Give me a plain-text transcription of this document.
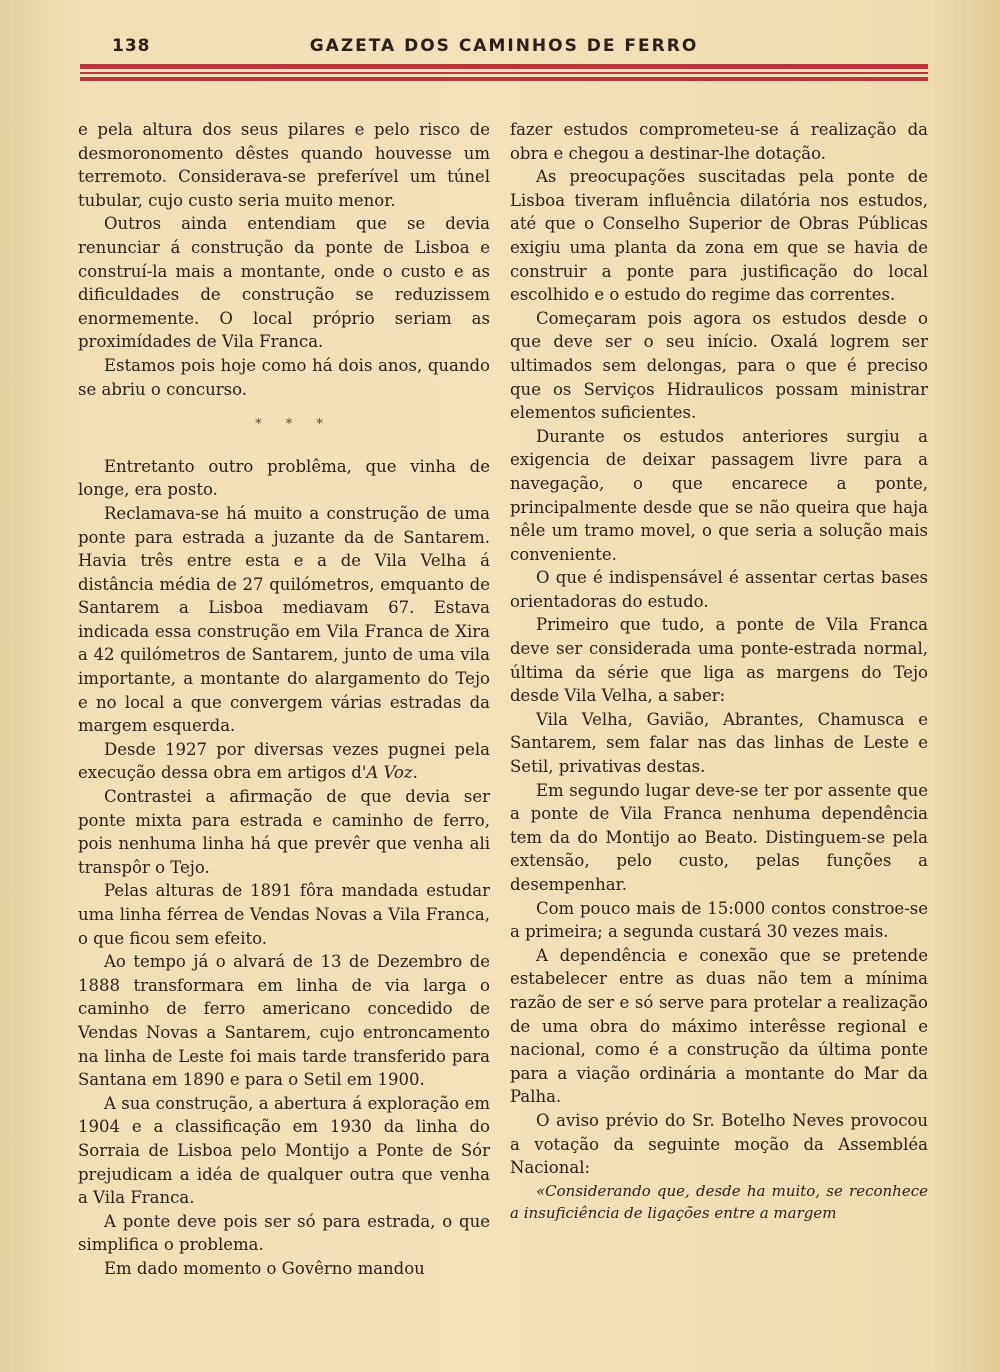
138	GAZETA DOS CAMINHOS DE FERRO

e pela altura dos seus pilares e pelo risco de desmoronomento dêstes quando houvesse um terremoto. Considerava-se preferível um túnel tubular, cujo custo seria muito menor.

Outros ainda entendiam que se devia renunciar á construção da ponte de Lisboa e construí-la mais a montante, onde o custo e as dificuldades de construção se reduzissem enormemente. O local próprio seriam as proximídades de Vila Franca.

Estamos pois hoje como há dois anos, quando se abriu o concurso.

* * *

Entretanto outro problêma, que vinha de longe, era posto.

Reclamava-se há muito a construção de uma ponte para estrada a juzante da de Santarem. Havia três entre esta e a de Vila Velha á distância média de 27 quilómetros, emquanto de Santarem a Lisboa mediavam 67. Estava indicada essa construção em Vila Franca de Xira a 42 quilómetros de Santarem, junto de uma vila importante, a montante do alargamento do Tejo e no local a que convergem várias estradas da margem esquerda.

Desde 1927 por diversas vezes pugnei pela execução dessa obra em artigos d'A Voz.

Contrastei a afirmação de que devia ser ponte mixta para estrada e caminho de ferro, pois nenhuma linha há que prevêr que venha ali transpôr o Tejo.

Pelas alturas de 1891 fôra mandada estudar uma linha férrea de Vendas Novas a Vila Franca, o que ficou sem efeito.

Ao tempo já o alvará de 13 de Dezembro de 1888 transformara em linha de via larga o caminho de ferro americano concedido de Vendas Novas a Santarem, cujo entroncamento na linha de Leste foi mais tarde transferido para Santana em 1890 e para o Setil em 1900.

A sua construção, a abertura á exploração em 1904 e a classificação em 1930 da linha do Sorraia de Lisboa pelo Montijo a Ponte de Sór prejudicam a idéa de qualquer outra que venha a Vila Franca.

A ponte deve pois ser só para estrada, o que simplifica o problema.

Em dado momento o Govêrno mandou

fazer estudos comprometeu-se á realização da obra e chegou a destinar-lhe dotação.

As preocupações suscitadas pela ponte de Lisboa tiveram influência dilatória nos estudos, até que o Conselho Superior de Obras Públicas exigiu uma planta da zona em que se havia de construir a ponte para justificação do local escolhido e o estudo do regime das correntes.

Começaram pois agora os estudos desde o que deve ser o seu início. Oxalá logrem ser ultimados sem delongas, para o que é preciso que os Serviços Hidraulicos possam ministrar elementos suficientes.

Durante os estudos anteriores surgiu a exigencia de deixar passagem livre para a navegação, o que encarece a ponte, principalmente desde que se não queira que haja nêle um tramo movel, o que seria a solução mais conveniente.

O que é indispensável é assentar certas bases orientadoras do estudo.

Primeiro que tudo, a ponte de Vila Franca deve ser considerada uma ponte-estrada normal, última da série que liga as margens do Tejo desde Vila Velha, a saber:

Vila Velha, Gavião, Abrantes, Chamusca e Santarem, sem falar nas das linhas de Leste e Setil, privativas destas.

Em segundo lugar deve-se ter por assente que a ponte de Vila Franca nenhuma dependência tem da do Montijo ao Beato. Distinguem-se pela extensão, pelo custo, pelas funções a desempenhar.

Com pouco mais de 15:000 contos constroe-se a primeira; a segunda custará 30 vezes mais.

A dependência e conexão que se pretende estabelecer entre as duas não tem a mínima razão de ser e só serve para protelar a realização de uma obra do máximo interêsse regional e nacional, como é a construção da última ponte para a viação ordinária a montante do Mar da Palha.

O aviso prévio do Sr. Botelho Neves provocou a votação da seguinte moção da Assembléa Nacional:

«Considerando que, desde ha muito, se reconhece a insuficiência de ligações entre a margem
